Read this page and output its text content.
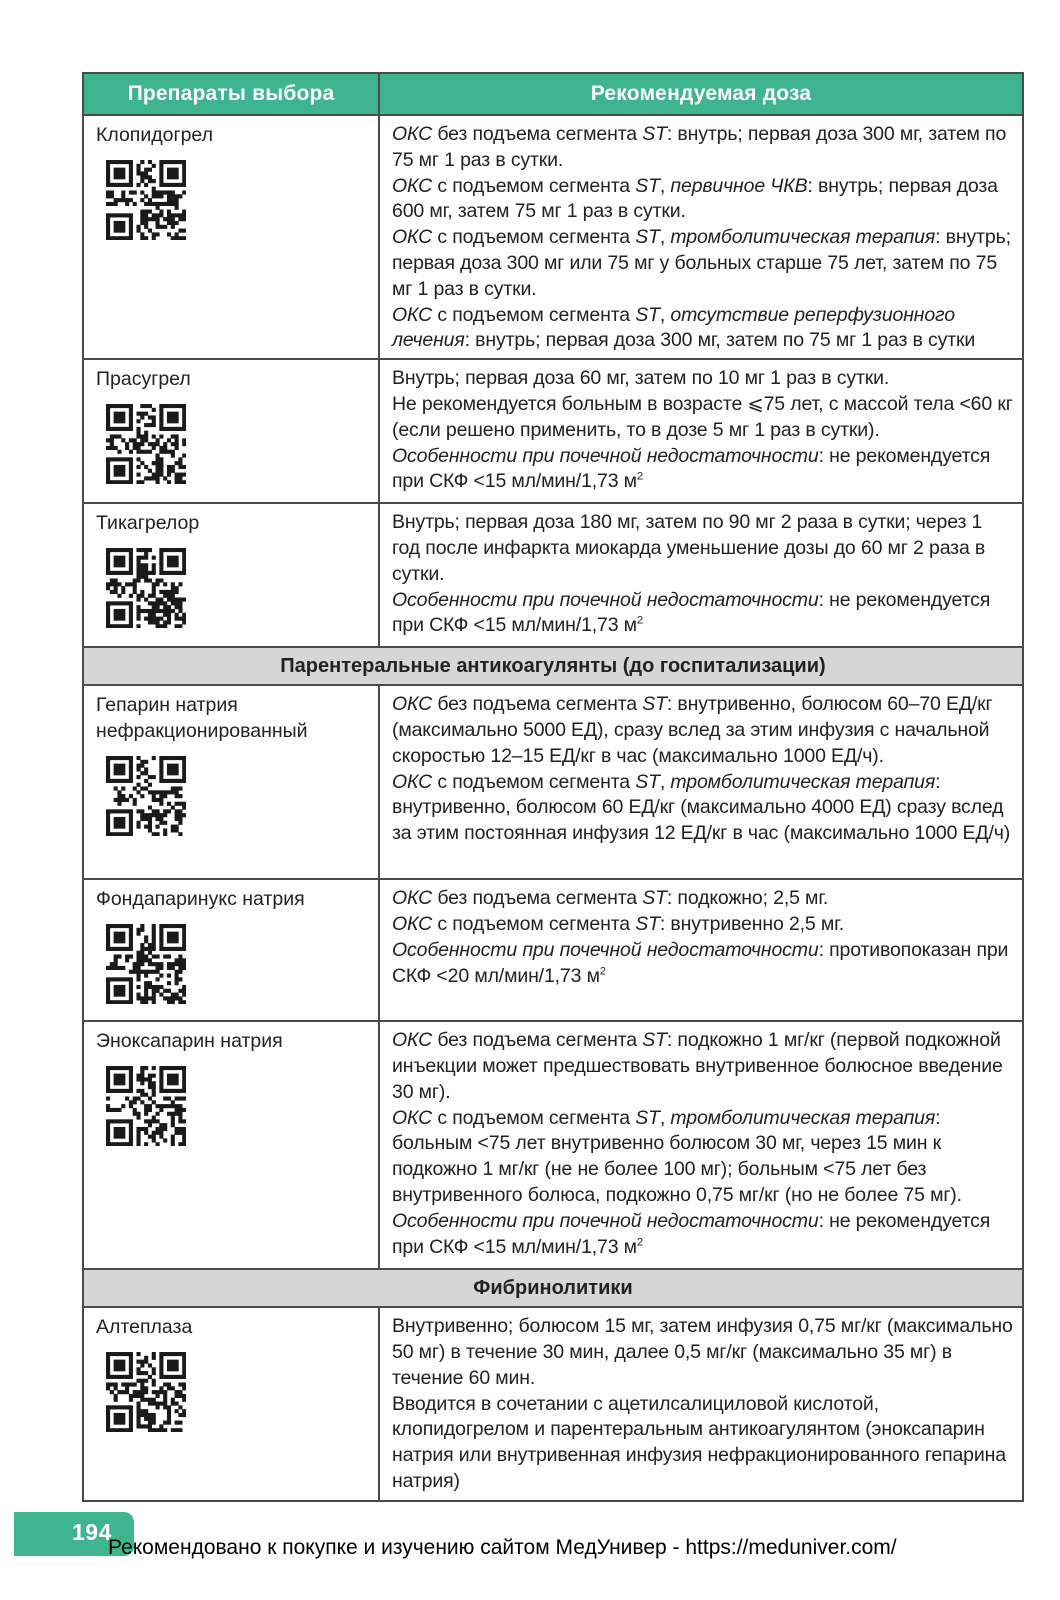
Препараты выбора	Рекомендуемая доза

Клопидогрел	ОКС без подъема сегмента ST: внутрь; первая доза 300 мг, затем по 75 мг 1 раз в сутки.
ОКС с подъемом сегмента ST, первичное ЧКВ: внутрь; первая доза 600 мг, затем 75 мг 1 раз в сутки.
ОКС с подъемом сегмента ST, тромболитическая терапия: внутрь; первая доза 300 мг или 75 мг у больных старше 75 лет, затем по 75 мг 1 раз в сутки.
ОКС с подъемом сегмента ST, отсутствие реперфузионного лечения: внутрь; первая доза 300 мг, затем по 75 мг 1 раз в сутки

Прасугрел	Внутрь; первая доза 60 мг, затем по 10 мг 1 раз в сутки.
Не рекомендуется больным в возрасте ⩽75 лет, с массой тела <60 кг (если решено применить, то в дозе 5 мг 1 раз в сутки).
Особенности при почечной недостаточности: не рекомендуется при СКФ <15 мл/мин/1,73 $м^2$

Тикагрелор	Внутрь; первая доза 180 мг, затем по 90 мг 2 раза в сутки; через 1 год после инфаркта миокарда уменьшение дозы до 60 мг 2 раза в сутки.
Особенности при почечной недостаточности: не рекомендуется при СКФ <15 мл/мин/1,73 $м^2$
Парентеральные антикоагулянты (до госпитализации)	

Гепарин натрия нефракционированный	ОКС без подъема сегмента ST: внутривенно, болюсом 60–70 ЕД/кг (максимально 5000 ЕД), сразу вслед за этим инфузия с начальной скоростью 12–15 ЕД/кг в час (максимально 1000 ЕД/ч).
ОКС с подъемом сегмента ST, тромболитическая терапия: внутривенно, болюсом 60 ЕД/кг (максимально 4000 ЕД) сразу вслед за этим постоянная инфузия 12 ЕД/кг в час (максимально 1000 ЕД/ч)

Фондапаринукс натрия	ОКС без подъема сегмента ST: подкожно; 2,5 мг.
ОКС с подъемом сегмента ST: внутривенно 2,5 мг.
Особенности при почечной недостаточности: противопоказан при СКФ <20 мл/мин/1,73 $м^2$

Эноксапарин натрия	ОКС без подъема сегмента ST: подкожно 1 мг/кг (первой подкожной инъекции может предшествовать внутривенное болюсное введение 30 мг).
ОКС с подъемом сегмента ST, тромболитическая терапия: больным <75 лет внутривенно болюсом 30 мг, через 15 мин к подкожно 1 мг/кг (не не более 100 мг); больным <75 лет без внутривенного болюса, подкожно 0,75 мг/кг (но не более 75 мг).
Особенности при почечной недостаточности: не рекомендуется при СКФ <15 мл/мин/1,73 $м^2$
Фибринолитики	

Алтеплаза	Внутривенно; болюсом 15 мг, затем инфузия 0,75 мг/кг (максимально 50 мг) в течение 30 мин, далее 0,5 мг/кг (максимально 35 мг) в течение 60 мин.
Вводится в сочетании с ацетилсалициловой кислотой, клопидогрелом и парентеральным антикоагулянтом (эноксапарин натрия или внутривенная инфузия нефракционированного гепарина натрия)
194
Рекомендовано к покупке и изучению сайтом МедУнивер - https://meduniver.com/
